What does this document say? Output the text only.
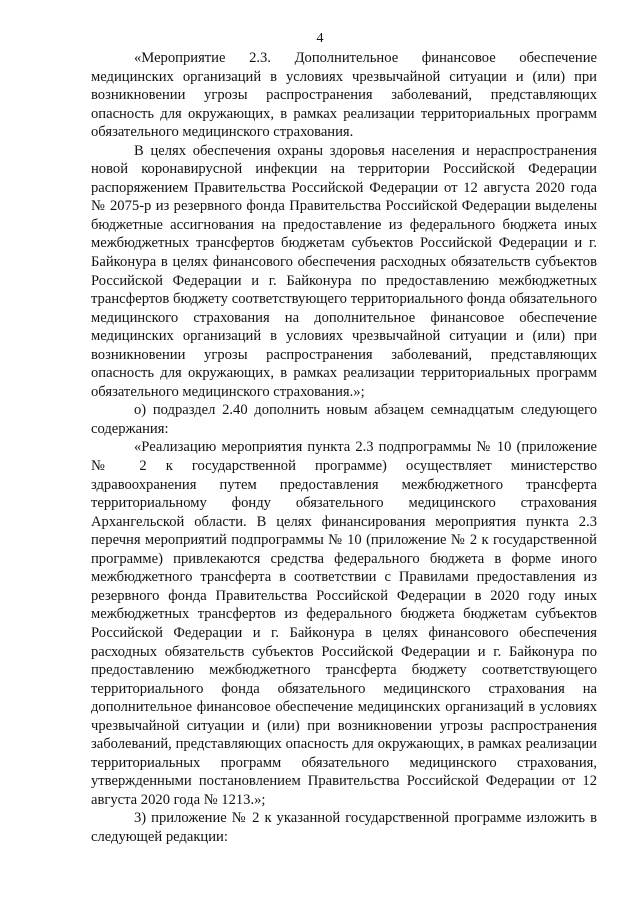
4

«Мероприятие 2.3. Дополнительное финансовое обеспечение медицинских организаций в условиях чрезвычайной ситуации и (или) при возникновении угрозы распространения заболеваний, представляющих опасность для окружающих, в рамках реализации территориальных программ обязательного медицинского страхования.

В целях обеспечения охраны здоровья населения и нераспространения новой коронавирусной инфекции на территории Российской Федерации распоряжением Правительства Российской Федерации от 12 августа 2020 года № 2075-р из резервного фонда Правительства Российской Федерации выделены бюджетные ассигнования на предоставление из федерального бюджета иных межбюджетных трансфертов бюджетам субъектов Российской Федерации и г. Байконура в целях финансового обеспечения расходных обязательств субъектов Российской Федерации и г. Байконура по предоставлению межбюджетных трансфертов бюджету соответствующего территориального фонда обязательного медицинского страхования на дополнительное финансовое обеспечение медицинских организаций в условиях чрезвычайной ситуации и (или) при возникновении угрозы распространения заболеваний, представляющих опасность для окружающих, в рамках реализации территориальных программ обязательного медицинского страхования.»;

о) подраздел 2.40 дополнить новым абзацем семнадцатым следующего содержания:

«Реализацию мероприятия пункта 2.3 подпрограммы № 10 (приложение № 2 к государственной программе) осуществляет министерство здравоохранения путем предоставления межбюджетного трансферта территориальному фонду обязательного медицинского страхования Архангельской области. В целях финансирования мероприятия пункта 2.3 перечня мероприятий подпрограммы № 10 (приложение № 2 к государственной программе) привлекаются средства федерального бюджета в форме иного межбюджетного трансферта в соответствии с Правилами предоставления из резервного фонда Правительства Российской Федерации в 2020 году иных межбюджетных трансфертов из федерального бюджета бюджетам субъектов Российской Федерации и г. Байконура в целях финансового обеспечения расходных обязательств субъектов Российской Федерации и г. Байконура по предоставлению межбюджетного трансферта бюджету соответствующего территориального фонда обязательного медицинского страхования на дополнительное финансовое обеспечение медицинских организаций в условиях чрезвычайной ситуации и (или) при возникновении угрозы распространения заболеваний, представляющих опасность для окружающих, в рамках реализации территориальных программ обязательного медицинского страхования, утвержденными постановлением Правительства Российской Федерации от 12 августа 2020 года № 1213.»;

3) приложение № 2 к указанной государственной программе изложить в следующей редакции:
